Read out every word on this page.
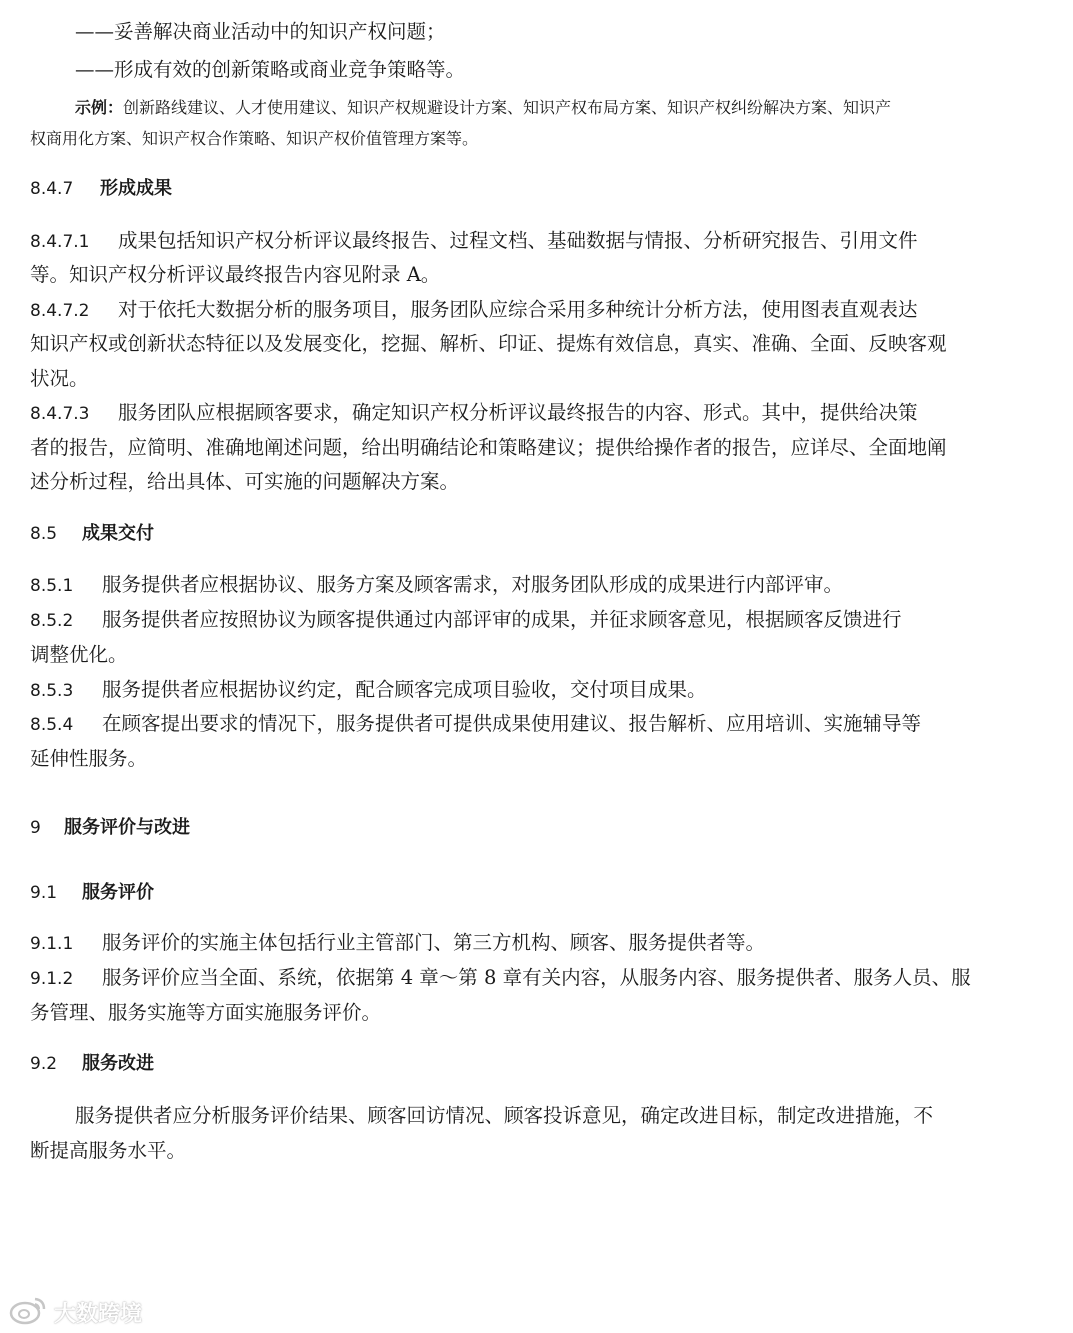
——妥善解决商业活动中的知识产权问题；

——形成有效的创新策略或商业竞争策略等。

示例：创新路线建议、人才使用建议、知识产权规避设计方案、知识产权布局方案、知识产权纠纷解决方案、知识产

权商用化方案、知识产权合作策略、知识产权价值管理方案等。

8.4.7 形成成果

8.4.7.1 成果包括知识产权分析评议最终报告、过程文档、基础数据与情报、分析研究报告、引用文件

等。知识产权分析评议最终报告内容见附录 A。

8.4.7.2 对于依托大数据分析的服务项目，服务团队应综合采用多种统计分析方法，使用图表直观表达

知识产权或创新状态特征以及发展变化，挖掘、解析、印证、提炼有效信息，真实、准确、全面、反映客观

状况。

8.4.7.3 服务团队应根据顾客要求，确定知识产权分析评议最终报告的内容、形式。其中，提供给决策

者的报告，应简明、准确地阐述问题，给出明确结论和策略建议；提供给操作者的报告，应详尽、全面地阐

述分析过程，给出具体、可实施的问题解决方案。

8.5 成果交付

8.5.1 服务提供者应根据协议、服务方案及顾客需求，对服务团队形成的成果进行内部评审。

8.5.2 服务提供者应按照协议为顾客提供通过内部评审的成果，并征求顾客意见，根据顾客反馈进行

调整优化。

8.5.3 服务提供者应根据协议约定，配合顾客完成项目验收，交付项目成果。

8.5.4 在顾客提出要求的情况下，服务提供者可提供成果使用建议、报告解析、应用培训、实施辅导等

延伸性服务。

9 服务评价与改进

9.1 服务评价

9.1.1 服务评价的实施主体包括行业主管部门、第三方机构、顾客、服务提供者等。

9.1.2 服务评价应当全面、系统，依据第 4 章～第 8 章有关内容，从服务内容、服务提供者、服务人员、服

务管理、服务实施等方面实施服务评价。

9.2 服务改进

服务提供者应分析服务评价结果、顾客回访情况、顾客投诉意见，确定改进目标，制定改进措施，不

断提高服务水平。

大数跨境
